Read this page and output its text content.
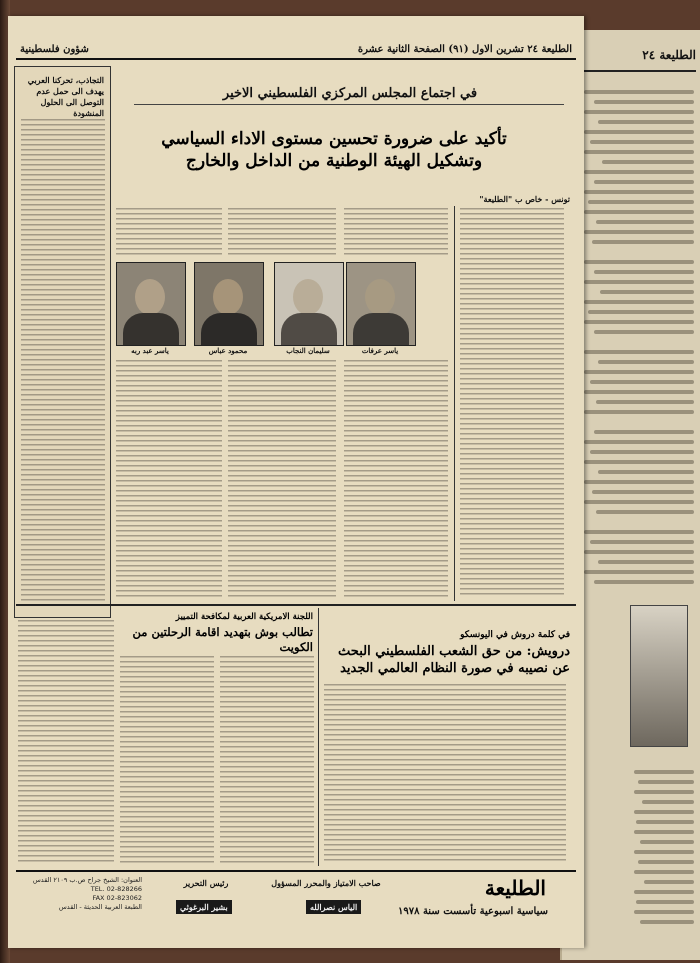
الطليعة ٢٤
الطليعة ٢٤ تشرين الاول (٩١) الصفحة الثانية عشرة
شؤون فلسطينية
التجاذب، تحركنا العربي يهدف الى حمل عدم التوصل الى الحلول المنشودة
في اجتماع المجلس المركزي الفلسطيني الاخير
تأكيد على ضرورة تحسين مستوى الاداء السياسي
وتشكيل الهيئة الوطنية من الداخل والخارج
تونس - خاص ب "الطليعة"
ياسر عرفات
سليمان النجاب
محمود عباس
ياسر عبد ربه
في كلمة دروش في اليونسكو
درويش: من حق الشعب الفلسطيني البحث عن نصيبه في صورة النظام العالمي الجديد
اللجنة الامريكية العربية لمكافحة التمييز
تطالب بوش بتهديد اقامة الرحلتين من الكويت
الطليعة
سياسية اسبوعية تأسست سنة ١٩٧٨
صاحب الامتياز والمحرر المسؤول
الياس نصرالله
رئيس التحرير
بشير البرغوثي
العنوان: الشيخ جراح ص.ب ٢١٠٩ القدس
TEL. 02-828266
FAX 02-823062
الطبعة العربية الحديثة - القدس
